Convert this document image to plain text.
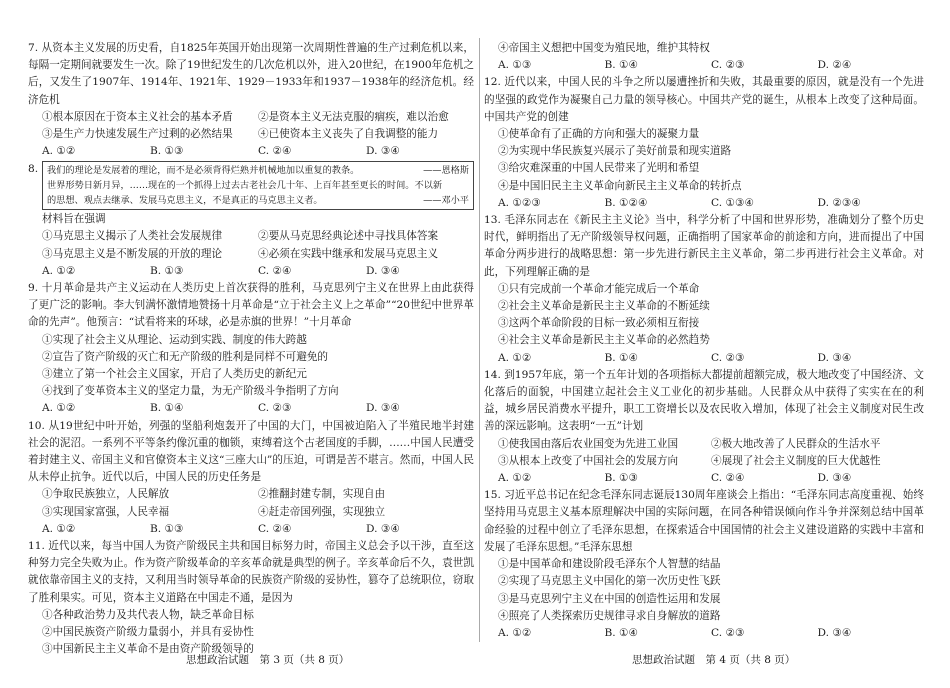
7. 从资本主义发展的历史看，自1825年英国开始出现第一次周期性普遍的生产过剩危机以来，每隔一定期间就要发生一次。除了19世纪发生的几次危机以外，进入20世纪，在1900年危机之后，又发生了1907年、1914年、1921年、1929－1933年和1937－1938年的经济危机。经济危机

①根本原因在于资本主义社会的基本矛盾	②是资本主义无法克服的痼疾，难以治愈
③是生产力快速发展生产过剩的必然结果	④已使资本主义丧失了自我调整的能力
A. ①②	B. ①③	C. ②④	D. ③④
8. 我们的理论是发展着的理论，而不是必须背得烂熟并机械地加以重复的教条。	——恩格斯
世界形势日新月异，……现在的一个抓得上过去古老社会几十年、上百年甚至更长的时间。不以新
的思想、观点去继承、发展马克思主义，不是真正的马克思主义者。	——邓小平

材料旨在强调

①马克思主义揭示了人类社会发展规律	②要从马克思经典论述中寻找具体答案
③马克思主义是不断发展的开放的理论	④必须在实践中继承和发展马克思主义
A. ①②	B. ①③	C. ②④	D. ③④

9. 十月革命是共产主义运动在人类历史上首次获得的胜利，马克思列宁主义在世界上由此获得了更广泛的影响。李大钊满怀激情地赞扬十月革命是“立于社会主义上之革命”“20世纪中世界革命的先声”。他预言：“试看将来的环球，必是赤旗的世界！”十月革命

①实现了社会主义从理论、运动到实践、制度的伟大跨越

②宣告了资产阶级的灭亡和无产阶级的胜利是同样不可避免的

③建立了第一个社会主义国家，开启了人类历史的新纪元

④找到了变革资本主义的坚定力量，为无产阶级斗争指明了方向

A. ①②	B. ①④	C. ②③	D. ③④

10. 从19世纪中叶开始，列强的坚船利炮轰开了中国的大门，中国被迫陷入了半殖民地半封建社会的泥沼。一系列不平等条约像沉重的枷锁，束缚着这个古老国度的手脚，……中国人民遭受着封建主义、帝国主义和官僚资本主义这“三座大山”的压迫，可谓是苦不堪言。然而，中国人民从未停止抗争。近代以后，中国人民的历史任务是

①争取民族独立，人民解放	②推翻封建专制，实现自由
③实现国家富强，人民幸福	④赶走帝国列强，实现独立
A. ①②	B. ①③	C. ②④	D. ③④

11. 近代以来，每当中国人为资产阶级民主共和国目标努力时，帝国主义总会予以干涉，直至这种努力完全失败为止。作为资产阶级革命的辛亥革命就是典型的例子。辛亥革命后不久，袁世凯就依靠帝国主义的支持，又利用当时领导革命的民族资产阶级的妥协性，篡夺了总统职位，窃取了胜利果实。可见，资本主义道路在中国走不通，是因为

①各种政治势力及共代表人物，缺乏革命目标

②中国民族资产阶级力量弱小，并具有妥协性

③中国新民主主义革命不是由资产阶级领导的

④帝国主义想把中国变为殖民地，维护其特权

A. ①③	B. ①④	C. ②③	D. ②④

12. 近代以来，中国人民的斗争之所以屡遭挫折和失败，其最重要的原因，就是没有一个先进的坚强的政党作为凝聚自己力量的领导核心。中国共产党的诞生，从根本上改变了这种局面。中国共产党的创建

①使革命有了正确的方向和强大的凝聚力量

②为实现中华民族复兴展示了美好前景和现实道路

③给灾难深重的中国人民带来了光明和希望

④是中国旧民主主义革命向新民主主义革命的转折点

A. ①②③	B. ①②④	C. ①③④	D. ②③④

13. 毛泽东同志在《新民主主义论》当中，科学分析了中国和世界形势，准确划分了整个历史时代，鲜明指出了无产阶级领导权问题，正确指明了国家革命的前途和方向，进而提出了中国革命分两步进行的战略思想：第一步先进行新民主主义革命，第二步再进行社会主义革命。对此，下列理解正确的是

①只有完成前一个革命才能完成后一个革命

②社会主义革命是新民主主义革命的不断延续

③这两个革命阶段的目标一致必须相互衔接

④社会主义革命是新民主主义革命的必然趋势

A. ①②	B. ①④	C. ②③	D. ③④

14. 到1957年底，第一个五年计划的各项指标大都提前超额完成，极大地改变了中国经济、文化落后的面貌，中国建立起社会主义工业化的初步基础。人民群众从中获得了实实在在的利益，城乡居民消费水平提升，职工工资增长以及农民收入增加，体现了社会主义制度对民生改善的深远影响。这表明“一五”计划

①使我国由落后农业国变为先进工业国	②极大地改善了人民群众的生活水平
③从根本上改变了中国社会的发展方向	④展现了社会主义制度的巨大优越性
A. ①②	B. ①③	C. ②④	D. ③④

15. 习近平总书记在纪念毛泽东同志诞辰130周年座谈会上指出：“毛泽东同志高度重视、始终坚持用马克思主义基本原理解决中国的实际问题，在同各种错误倾向作斗争并深刻总结中国革命经验的过程中创立了毛泽东思想，在探索适合中国国情的社会主义建设道路的实践中丰富和发展了毛泽东思想。”毛泽东思想

①是中国革命和建设阶段毛泽东个人智慧的结晶

②实现了马克思主义中国化的第一次历史性飞跃

③是马克思列宁主义在中国的创造性运用和发展

④照亮了人类探索历史规律寻求自身解放的道路

A. ①②	B. ①④	C. ②③	D. ③④
思想政治试题　第 3 页（共 8 页）	思想政治试题　第 4 页（共 8 页）
